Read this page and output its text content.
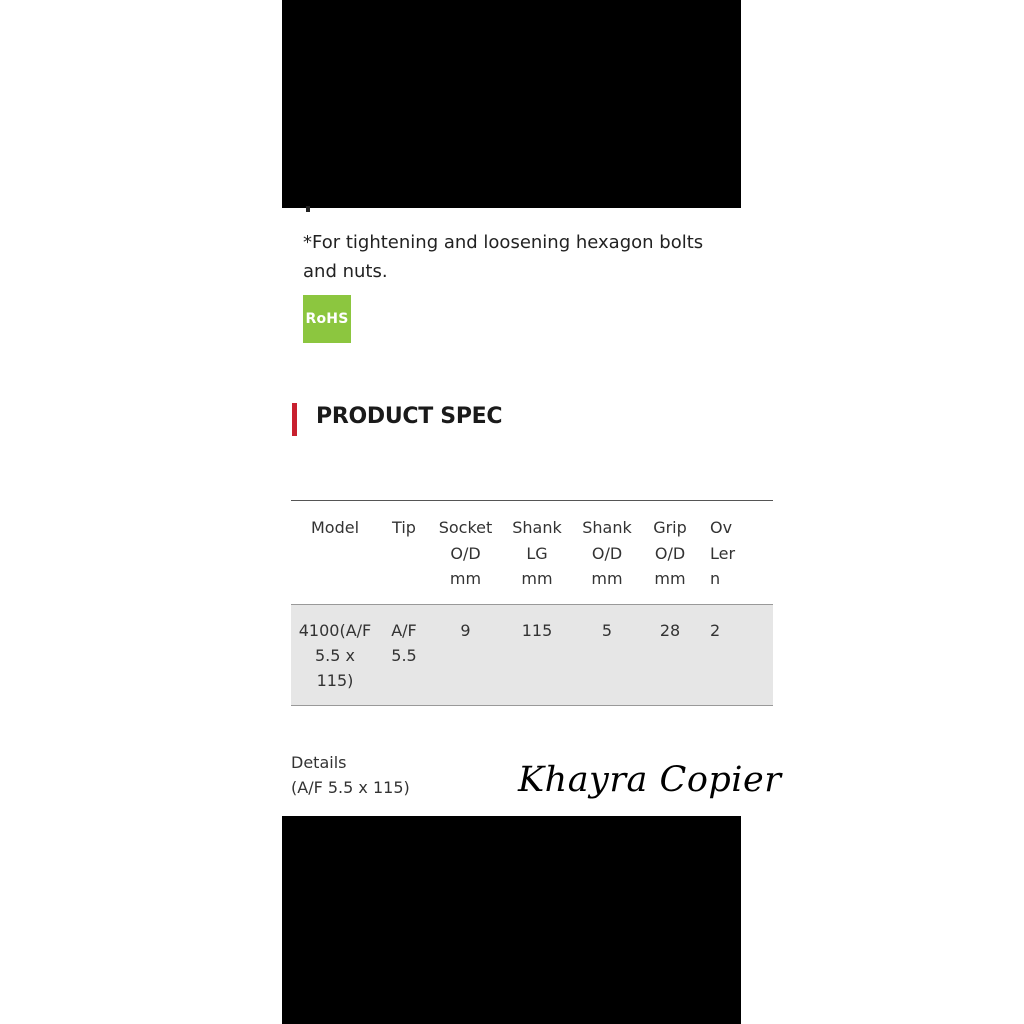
*For tightening and loosening hexagon bolts and nuts.

RoHS
PRODUCT SPEC
Model	Tip	Socket
O/D
mm	Shank
LG
mm	Shank
O/D
mm	Grip
O/D
mm	Ov
Ler
n
4100(A/F
5.5 x
115)	A/F
5.5	9	115	5	28	2

Details
(A/F 5.5 x 115)	Khayra Copier
